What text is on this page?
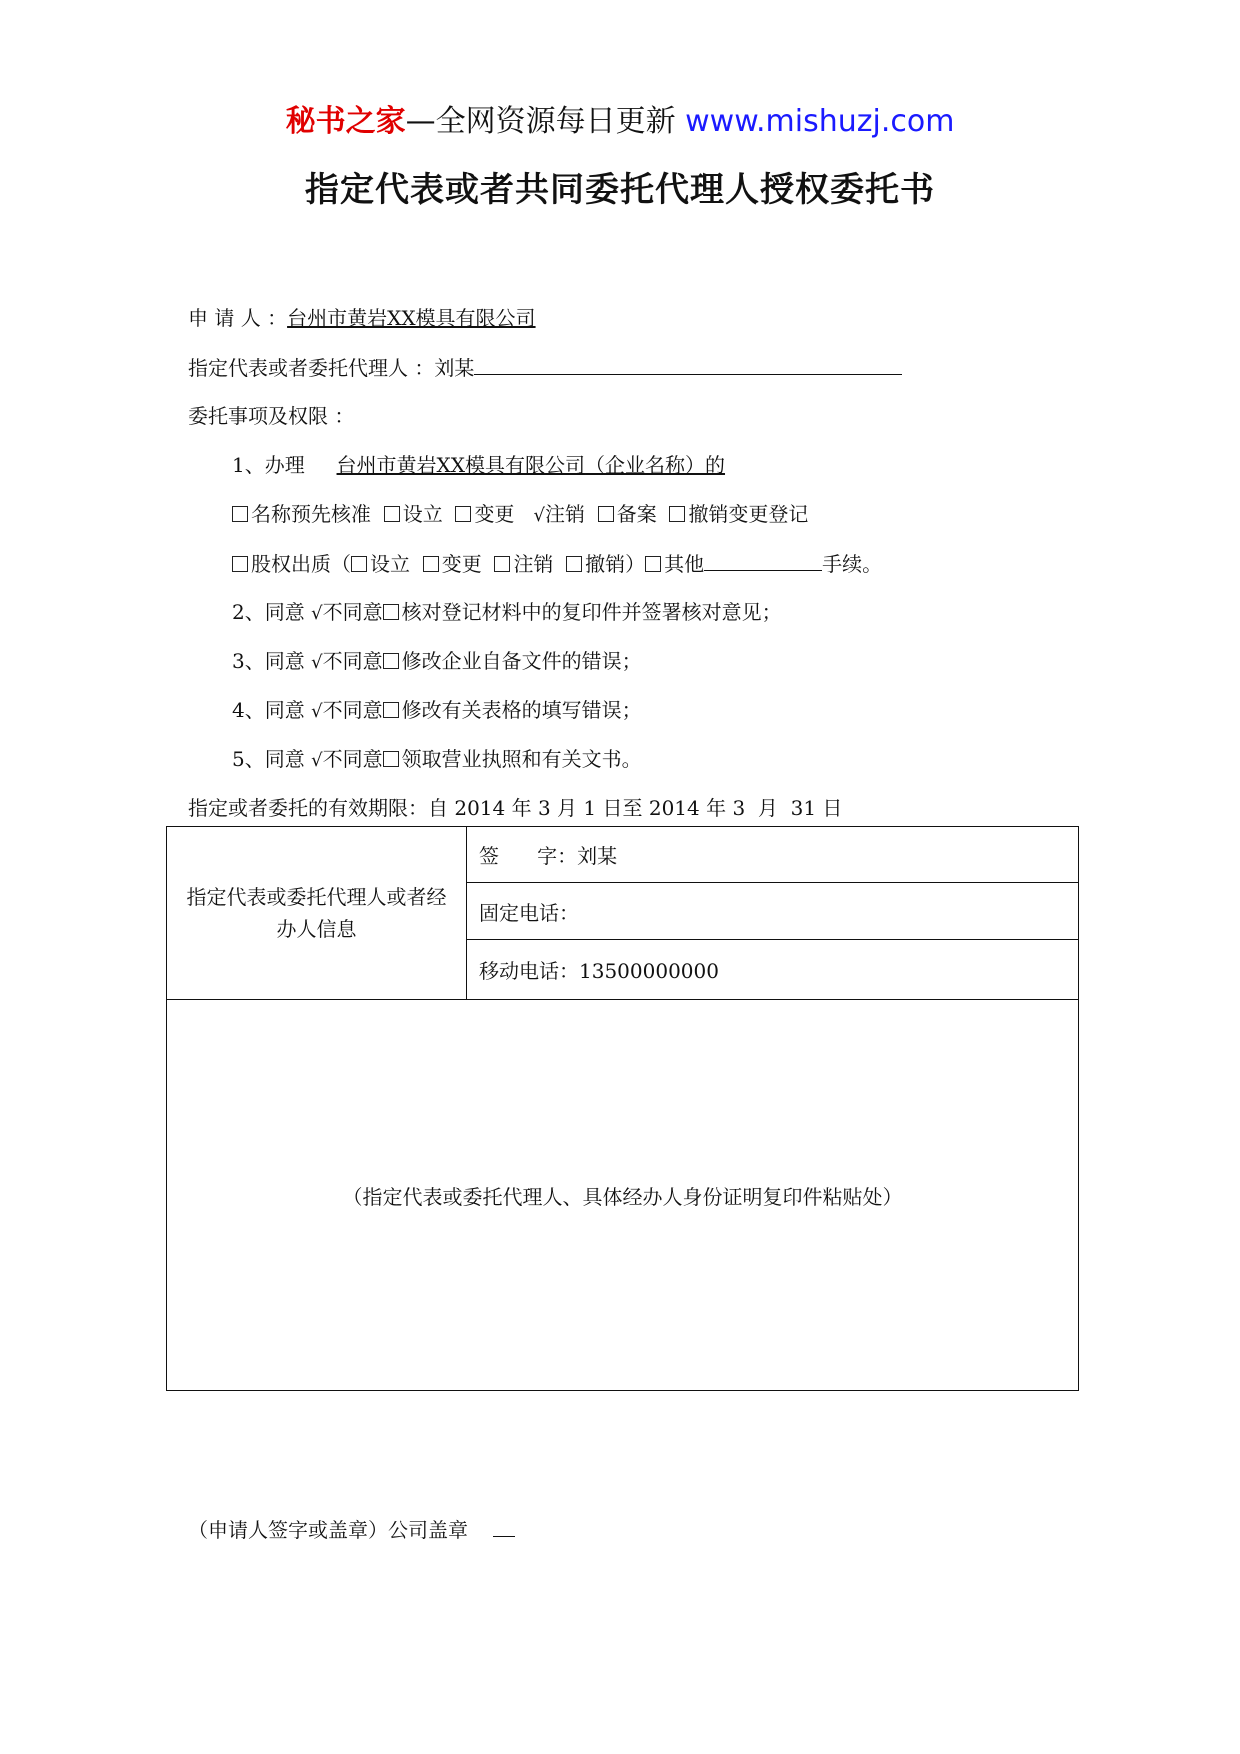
秘书之家—全网资源每日更新 www.mishuzj.com
指定代表或者共同委托代理人授权委托书
申 请 人 ：台州市黄岩XX模具有限公司
指定代表或者委托代理人 ：刘某
委托事项及权限 ：
1、办理 台州市黄岩XX模具有限公司（企业名称）的
名称预先核准 设立 变更 √注销 备案 撤销变更登记
股权出质（ 设立 变更 注销 撤销） 其他	手续。
2、同意 √不同意 核对登记材料中的复印件并签署核对意见；
3、同意 √不同意 修改企业自备文件的错误；
4、同意 √不同意 修改有关表格的填写错误；
5、同意 √不同意 领取营业执照和有关文书。
指定或者委托的有效期限：自 2014 年 3 月 1 日至 2014 年 3  月  31 日
指定代表或委托代理人或者经办人信息	签      字：刘某
固定电话：
移动电话：13500000000
（指定代表或委托代理人、具体经办人身份证明复印件粘贴处）
（申请人签字或盖章）公司盖章
